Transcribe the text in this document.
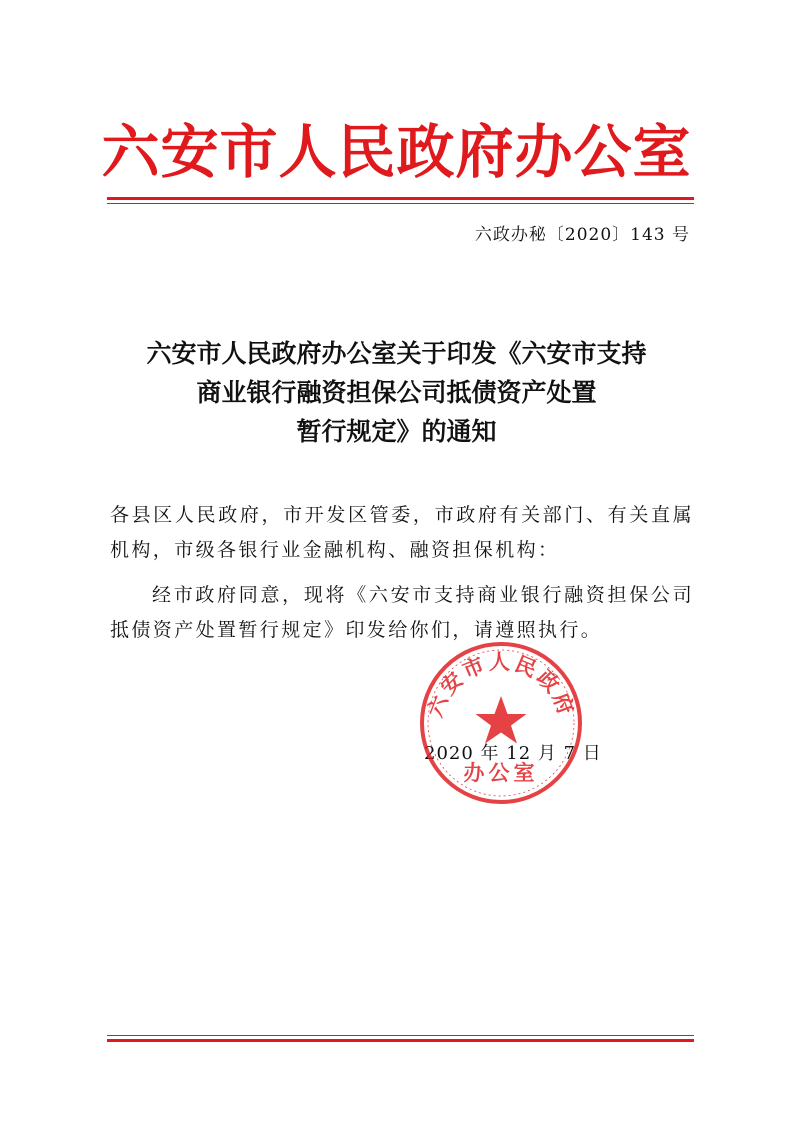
六安市人民政府办公室
六政办秘〔2020〕143 号
六安市人民政府办公室关于印发《六安市支持
商业银行融资担保公司抵债资产处置
暂行规定》的通知

各县区人民政府，市开发区管委，市政府有关部门、有关直属机构，市级各银行业金融机构、融资担保机构：

经市政府同意，现将《六安市支持商业银行融资担保公司抵债资产处置暂行规定》印发给你们，请遵照执行。

2020 年 12 月 7 日
六安市人民政府
办公室
